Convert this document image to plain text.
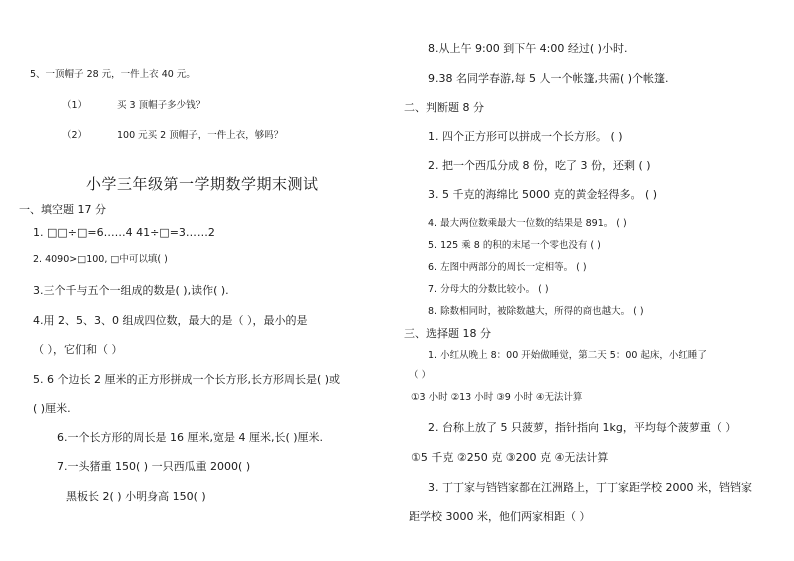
5、一顶帽子 28 元，一件上衣 40 元。
（1）	买 3 顶帽子多少钱？
（2）	100 元买 2 顶帽子，一件上衣，够吗？
小学三年级第一学期数学期末测试
一、填空题 17 分
1. □□÷□=6……4 41÷□=3……2
2. 4090>□100, □中可以填( )
3.三个千与五个一组成的数是( ),读作( ).
4.用 2、5、3、0 组成四位数，最大的是（ ），最小的是
（ ），它们和（ ）
5. 6 个边长 2 厘米的正方形拼成一个长方形,长方形周长是( )或
( )厘米.
6.一个长方形的周长是 16 厘米,宽是 4 厘米,长( )厘米.
7.一头猪重 150( ) 一只西瓜重 2000( )
黑板长 2( ) 小明身高 150( )
8.从上午 9:00 到下午 4:00 经过( )小时.
9.38 名同学春游,每 5 人一个帐篷,共需( )个帐篷.
二、判断题 8 分
1. 四个正方形可以拼成一个长方形。 ( )
2. 把一个西瓜分成 8 份，吃了 3 份，还剩 ( )
3. 5 千克的海绵比 5000 克的黄金轻得多。 ( )
4. 最大两位数乘最大一位数的结果是 891。 ( )
5. 125 乘 8 的积的末尾一个零也没有 ( )
6. 左图中两部分的周长一定相等。 ( )
7. 分母大的分数比较小。 ( )
8. 除数相同时，被除数越大，所得的商也越大。 ( )
三、选择题 18 分
1. 小红从晚上 8：00 开始做睡觉，第二天 5：00 起床，小红睡了
（ ）
①3 小时 ②13 小时 ③9 小时 ④无法计算
2. 台称上放了 5 只菠萝，指针指向 1kg，平均每个菠萝重（ ）
①5 千克 ②250 克 ③200 克 ④无法计算
3. 丁丁家与铛铛家都在江洲路上，丁丁家距学校 2000 米，铛铛家
距学校 3000 米，他们两家相距（ ）
